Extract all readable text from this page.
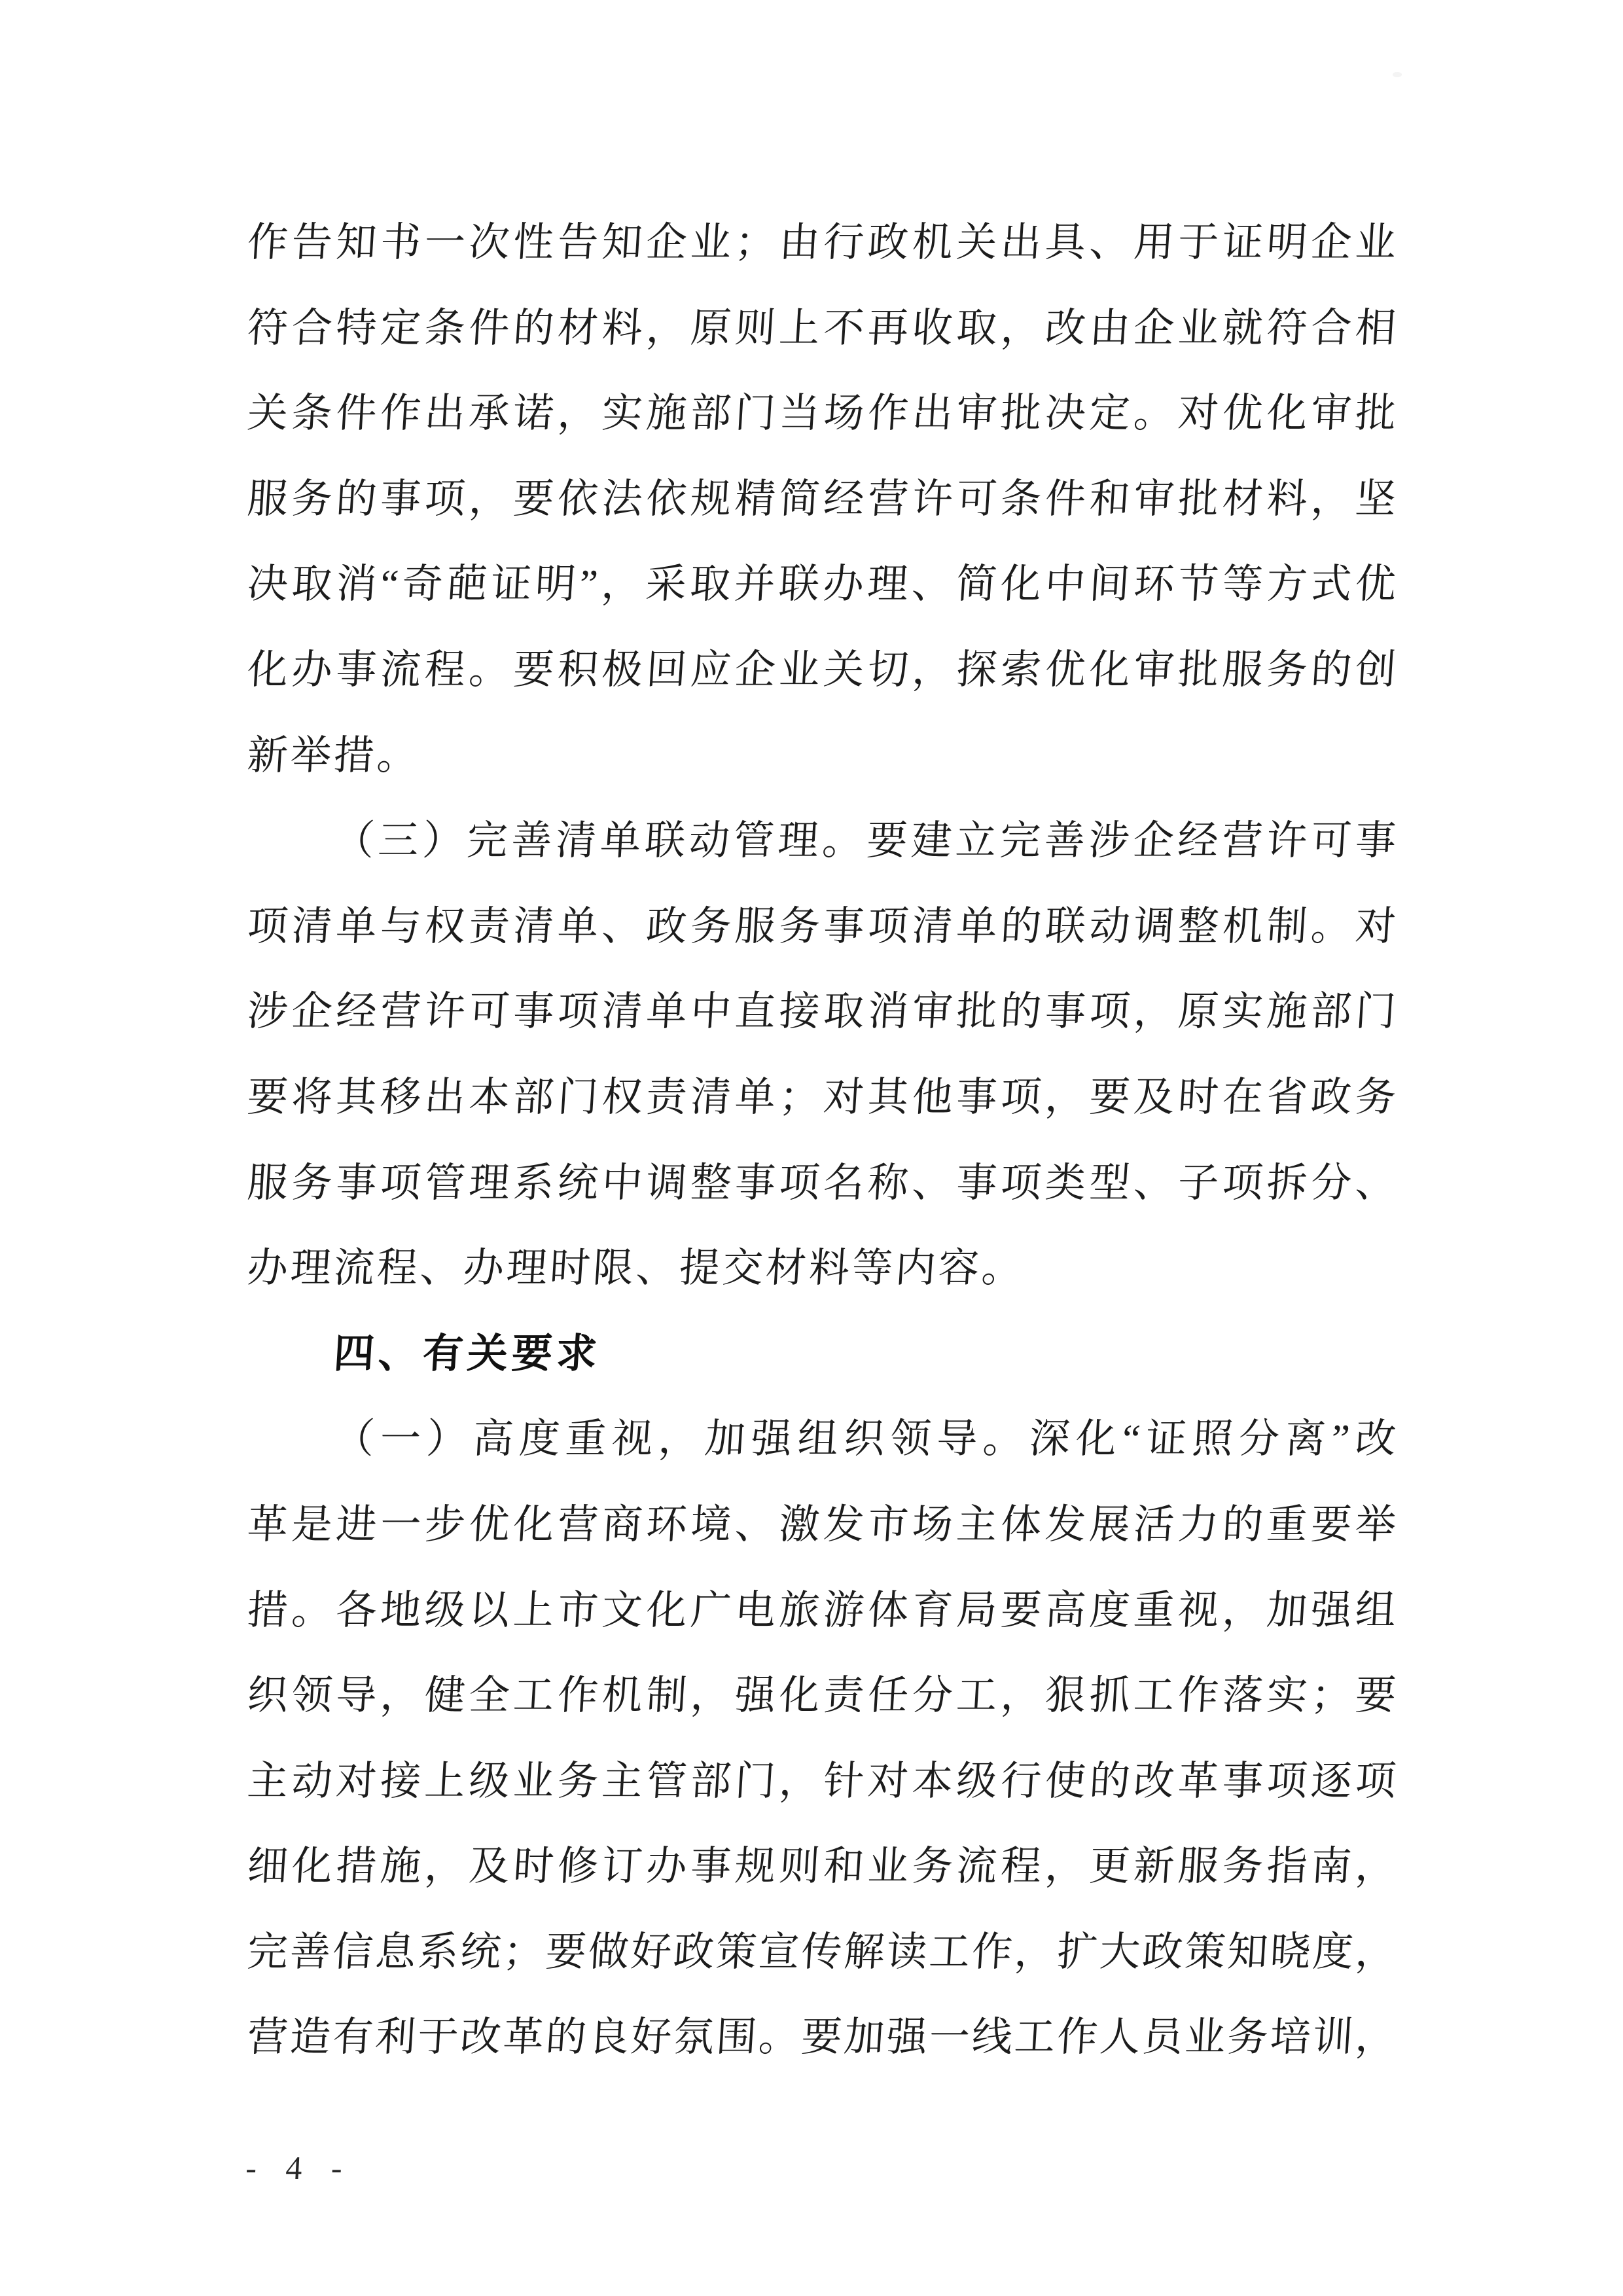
作告知书一次性告知企业；由行政机关出具、用于证明企业
符合特定条件的材料，原则上不再收取，改由企业就符合相
关条件作出承诺，实施部门当场作出审批决定。对优化审批
服务的事项，要依法依规精简经营许可条件和审批材料，坚
决取消“奇葩证明”，采取并联办理、简化中间环节等方式优
化办事流程。要积极回应企业关切，探索优化审批服务的创
新举措。
（三）完善清单联动管理。要建立完善涉企经营许可事
项清单与权责清单、政务服务事项清单的联动调整机制。对
涉企经营许可事项清单中直接取消审批的事项，原实施部门
要将其移出本部门权责清单；对其他事项，要及时在省政务
服务事项管理系统中调整事项名称、事项类型、子项拆分、
办理流程、办理时限、提交材料等内容。
四、有关要求
（一）高度重视，加强组织领导。深化“证照分离”改
革是进一步优化营商环境、激发市场主体发展活力的重要举
措。各地级以上市文化广电旅游体育局要高度重视，加强组
织领导，健全工作机制，强化责任分工，狠抓工作落实；要
主动对接上级业务主管部门，针对本级行使的改革事项逐项
细化措施，及时修订办事规则和业务流程，更新服务指南，
完善信息系统；要做好政策宣传解读工作，扩大政策知晓度，
营造有利于改革的良好氛围。要加强一线工作人员业务培训，
- 4 -
